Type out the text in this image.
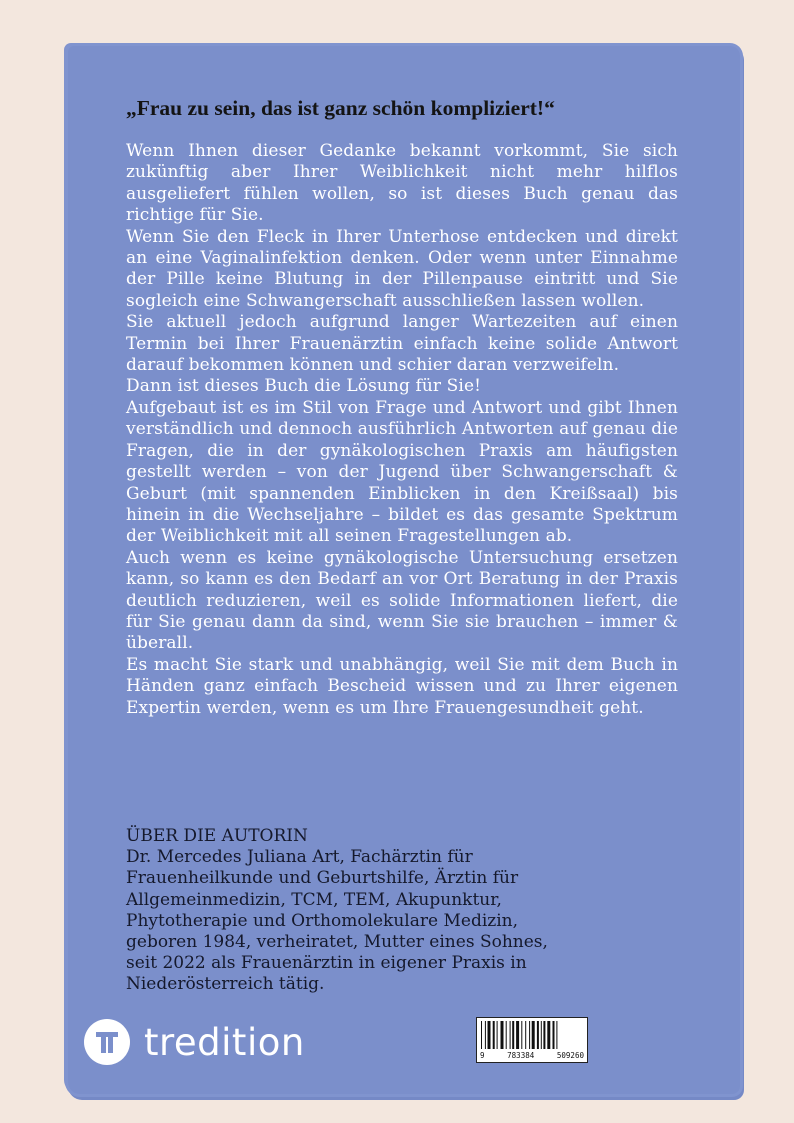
„Frau zu sein, das ist ganz schön kompliziert!“

Wenn Ihnen dieser Gedanke bekannt vorkommt, Sie sich zukünftig aber Ihrer Weiblichkeit nicht mehr hilflos ausgeliefert fühlen wollen, so ist dieses Buch genau das richtige für Sie.

Wenn Sie den Fleck in Ihrer Unterhose entdecken und direkt an eine Vaginalinfektion denken. Oder wenn unter Einnahme der Pille keine Blutung in der Pillenpause eintritt und Sie sogleich eine Schwangerschaft ausschließen lassen wollen.

Sie aktuell jedoch aufgrund langer Wartezeiten auf einen Termin bei Ihrer Frauenärztin einfach keine solide Antwort darauf bekommen können und schier daran verzweifeln.

Dann ist dieses Buch die Lösung für Sie!

Aufgebaut ist es im Stil von Frage und Antwort und gibt Ihnen verständlich und dennoch ausführlich Antworten auf genau die Fragen, die in der gynäkologischen Praxis am häufigsten gestellt werden – von der Jugend über Schwangerschaft & Geburt (mit spannenden Einblicken in den Kreißsaal) bis hinein in die Wechseljahre – bildet es das gesamte Spektrum der Weiblichkeit mit all seinen Fragestellungen ab.

Auch wenn es keine gynäkologische Untersuchung ersetzen kann, so kann es den Bedarf an vor Ort Beratung in der Praxis deutlich reduzieren, weil es solide Informationen liefert, die für Sie genau dann da sind, wenn Sie sie brauchen – immer & überall.

Es macht Sie stark und unabhängig, weil Sie mit dem Buch in Händen ganz einfach Bescheid wissen und zu Ihrer eigenen Expertin werden, wenn es um Ihre Frauengesundheit geht.

ÜBER DIE AUTORIN

Dr. Mercedes Juliana Art, Fachärztin für

Frauenheilkunde und Geburtshilfe, Ärztin für

Allgemeinmedizin, TCM, TEM, Akupunktur,

Phytotherapie und Orthomolekulare Medizin,

geboren 1984, verheiratet, Mutter eines Sohnes,

seit 2022 als Frauenärztin in eigener Praxis in

Niederösterreich tätig.

tredition	9	783384	509260
